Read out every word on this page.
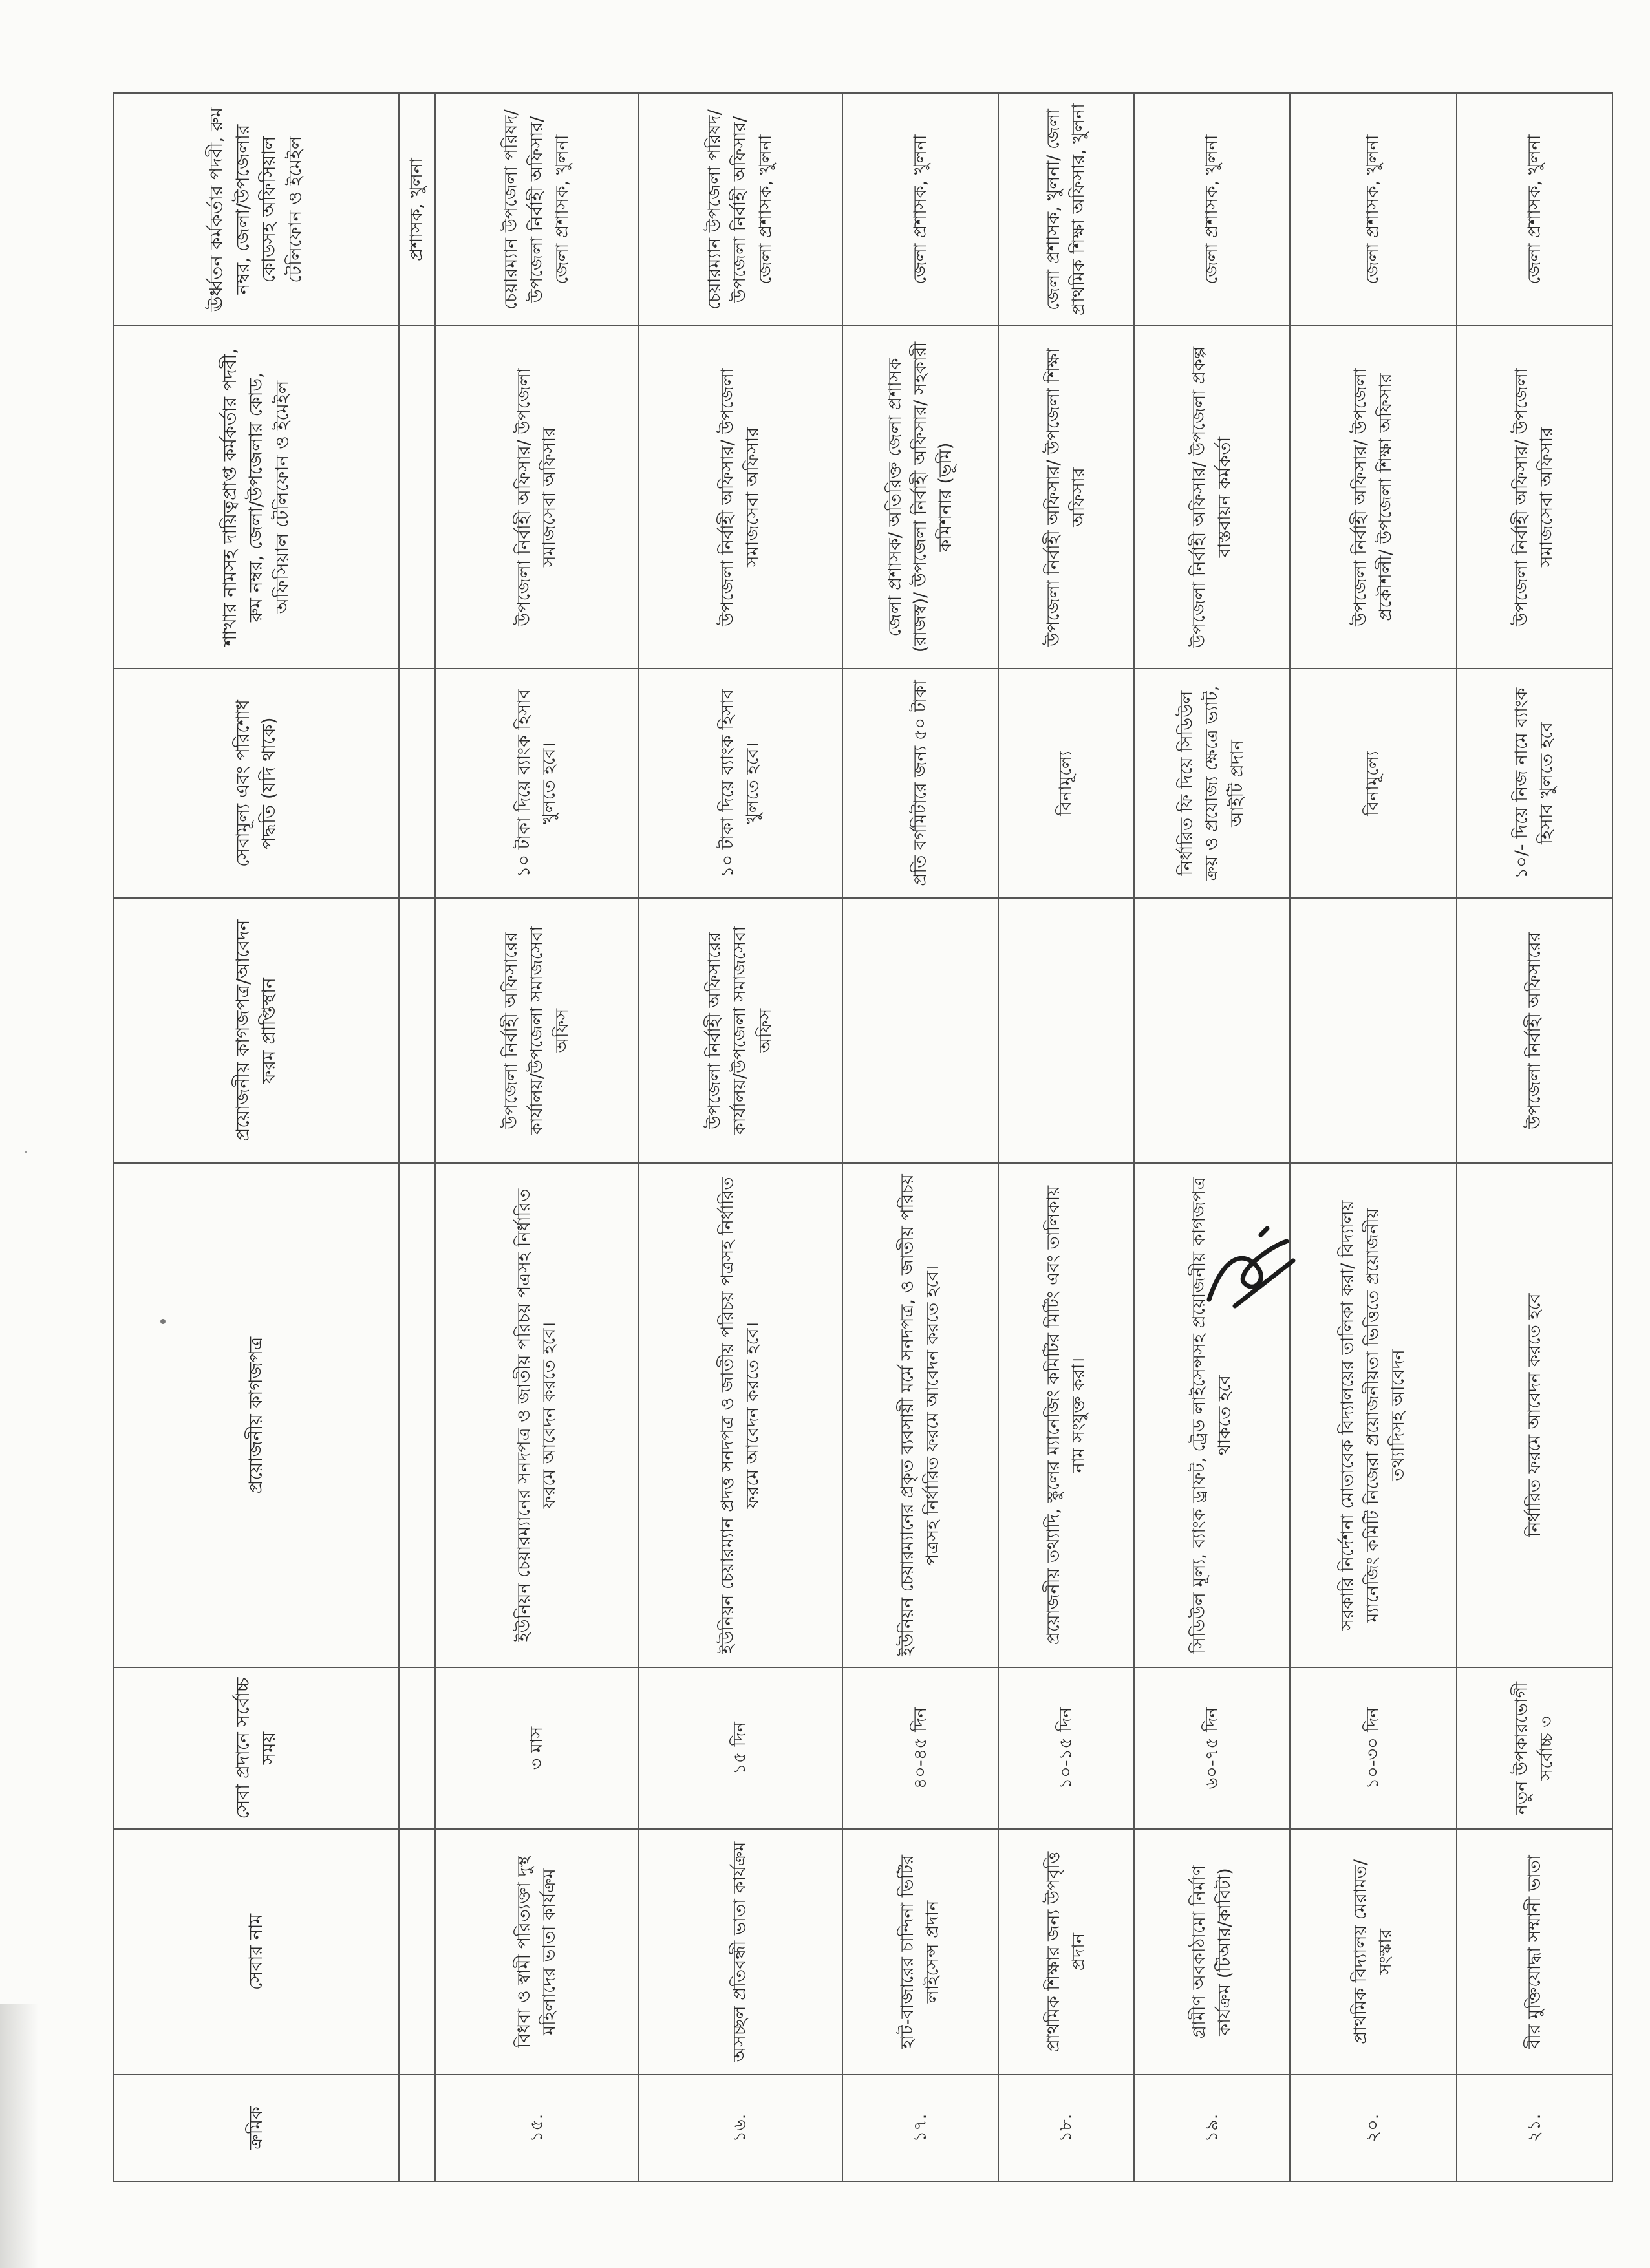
ক্রমিক	সেবার নাম	সেবা প্রদানে সর্বোচ্চ সময়	প্রয়োজনীয় কাগজপত্র	প্রয়োজনীয় কাগজপত্র/আবেদন ফরম প্রাপ্তিস্থান	সেবামূল্য এবং পরিশোধ পদ্ধতি (যদি থাকে)	শাখার নামসহ দায়িত্বপ্রাপ্ত কর্মকর্তার পদবী, রুম নম্বর, জেলা/উপজেলার কোড, অফিসিয়াল টেলিফোন ও ইমেইল	ঊর্ধ্বতন কর্মকর্তার পদবী, রুম নম্বর, জেলা/উপজেলার কোডসহ অফিসিয়াল টেলিফোন ও ইমেইল
							প্রশাসক, খুলনা
১৫.	বিধবা ও স্বামী পরিত্যক্তা দুস্থ মহিলাদের ভাতা কার্যক্রম	৩ মাস	ইউনিয়ন চেয়ারম্যানের সনদপত্র ও জাতীয় পরিচয় পত্রসহ নির্ধারিত ফরমে আবেদন করতে হবে।	উপজেলা নির্বাহী অফিসারের কার্যালয়/উপজেলা সমাজসেবা অফিস	১০ টাকা দিয়ে ব্যাংক হিসাব খুলতে হবে।	উপজেলা নির্বাহী অফিসার/ উপজেলা সমাজসেবা অফিসার	চেয়ারম্যান উপজেলা পরিষদ/ উপজেলা নির্বাহী অফিসার/ জেলা প্রশাসক, খুলনা
১৬.	অসচ্ছল প্রতিবন্ধী ভাতা কার্যক্রম	১৫ দিন	ইউনিয়ন চেয়ারম্যান প্রদত্ত সনদপত্র ও জাতীয় পরিচয় পত্রসহ নির্ধারিত ফরমে আবেদন করতে হবে।	উপজেলা নির্বাহী অফিসারের কার্যালয়/উপজেলা সমাজসেবা অফিস	১০ টাকা দিয়ে ব্যাংক হিসাব খুলতে হবে।	উপজেলা নির্বাহী অফিসার/ উপজেলা সমাজসেবা অফিসার	চেয়ারম্যান উপজেলা পরিষদ/ উপজেলা নির্বাহী অফিসার/ জেলা প্রশাসক, খুলনা
১৭.	হাট-বাজারের চান্দিনা ভিটির লাইসেন্স প্রদান	৪০-৪৫ দিন	ইউনিয়ন চেয়ারম্যানের প্রকৃত ব্যবসায়ী মর্মে সনদপত্র, ও জাতীয় পরিচয় পত্রসহ নির্ধারিত ফরমে আবেদন করতে হবে।		প্রতি বর্গমিটারে জন্য ৫০ টাকা	জেলা প্রশাসক/ অতিরিক্ত জেলা প্রশাসক (রাজস্ব)/ উপজেলা নির্বাহী অফিসার/ সহকারী কমিশনার (ভূমি)	জেলা প্রশাসক, খুলনা
১৮.	প্রাথমিক শিক্ষার জন্য উপবৃত্তি প্রদান	১০-১৫ দিন	প্রয়োজনীয় তথ্যাদি, স্কুলের ম্যানেজিং কমিটির মিটিং এবং তালিকায় নাম সংযুক্ত করা।		বিনামূল্যে	উপজেলা নির্বাহী অফিসার/ উপজেলা শিক্ষা অফিসার	জেলা প্রশাসক, খুলনা/ জেলা প্রাথমিক শিক্ষা অফিসার, খুলনা
১৯.	গ্রামীণ অবকাঠামো নির্মাণ কার্যক্রম (টিআর/কাবিটা)	৬০-৭৫ দিন	সিডিউল মূল্য, ব্যাংক ড্রাফট, ট্রেড লাইসেন্সসহ প্রয়োজনীয় কাগজপত্র থাকতে হবে		নির্ধারিত ফি দিয়ে সিডিউল ক্রয় ও প্রযোজ্য ক্ষেত্রে ভ্যাট, আইটি প্রদান	উপজেলা নির্বাহী অফিসার/ উপজেলা প্রকল্প বাস্তবায়ন কর্মকর্তা	জেলা প্রশাসক, খুলনা
২০.	প্রাথমিক বিদ্যালয় মেরামত/সংস্কার	১০-৩০ দিন	সরকারি নির্দেশনা মোতাবেক বিদ্যালয়ের তালিকা করা/ বিদ্যালয় ম্যানেজিং কমিটি নিজেরা প্রয়োজনীয়তা ভিত্তিতে প্রয়োজনীয় তথ্যাদিসহ আবেদন		বিনামূল্যে	উপজেলা নির্বাহী অফিসার/ উপজেলা প্রকৌশলী/ উপজেলা শিক্ষা অফিসার	জেলা প্রশাসক, খুলনা
২১.	বীর মুক্তিযোদ্ধা সম্মানী ভাতা	নতুন উপকারভোগী সর্বোচ্চ ৩	নির্ধারিত ফরমে আবেদন করতে হবে	উপজেলা নির্বাহী অফিসারের	১০/- দিয়ে নিজ নামে ব্যাংক হিসাব খুলতে হবে	উপজেলা নির্বাহী অফিসার/ উপজেলা সমাজসেবা অফিসার	জেলা প্রশাসক, খুলনা
